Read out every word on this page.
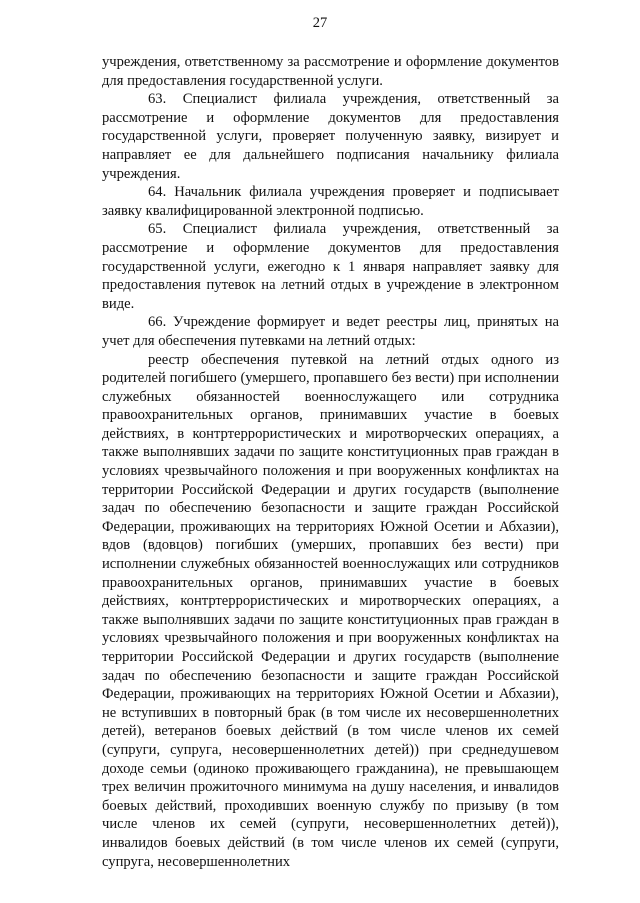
27

учреждения, ответственному за рассмотрение и оформление документов для предоставления государственной услуги.

63. Специалист филиала учреждения, ответственный за рассмотрение и оформление документов для предоставления государственной услуги, проверяет полученную заявку, визирует и направляет ее для дальнейшего подписания начальнику филиала учреждения.

64. Начальник филиала учреждения проверяет и подписывает заявку квалифицированной электронной подписью.

65. Специалист филиала учреждения, ответственный за рассмотрение и оформление документов для предоставления государственной услуги, ежегодно к 1 января направляет заявку для предоставления путевок на летний отдых в учреждение в электронном виде.

66. Учреждение формирует и ведет реестры лиц, принятых на учет для обеспечения путевками на летний отдых:

реестр обеспечения путевкой на летний отдых одного из родителей погибшего (умершего, пропавшего без вести) при исполнении служебных обязанностей военнослужащего или сотрудника правоохранительных органов, принимавших участие в боевых действиях, в контртеррористических и миротворческих операциях, а также выполнявших задачи по защите конституционных прав граждан в условиях чрезвычайного положения и при вооруженных конфликтах на территории Российской Федерации и других государств (выполнение задач по обеспечению безопасности и защите граждан Российской Федерации, проживающих на территориях Южной Осетии и Абхазии), вдов (вдовцов) погибших (умерших, пропавших без вести) при исполнении служебных обязанностей военнослужащих или сотрудников правоохранительных органов, принимавших участие в боевых действиях, контртеррористических и миротворческих операциях, а также выполнявших задачи по защите конституционных прав граждан в условиях чрезвычайного положения и при вооруженных конфликтах на территории Российской Федерации и других государств (выполнение задач по обеспечению безопасности и защите граждан Российской Федерации, проживающих на территориях Южной Осетии и Абхазии), не вступивших в повторный брак (в том числе их несовершеннолетних детей), ветеранов боевых действий (в том числе членов их семей (супруги, супруга, несовершеннолетних детей)) при среднедушевом доходе семьи (одиноко проживающего гражданина), не превышающем трех величин прожиточного минимума на душу населения, и инвалидов боевых действий, проходивших военную службу по призыву (в том числе членов их семей (супруги, несовершеннолетних детей)), инвалидов боевых действий (в том числе членов их семей (супруги, супруга, несовершеннолетних
